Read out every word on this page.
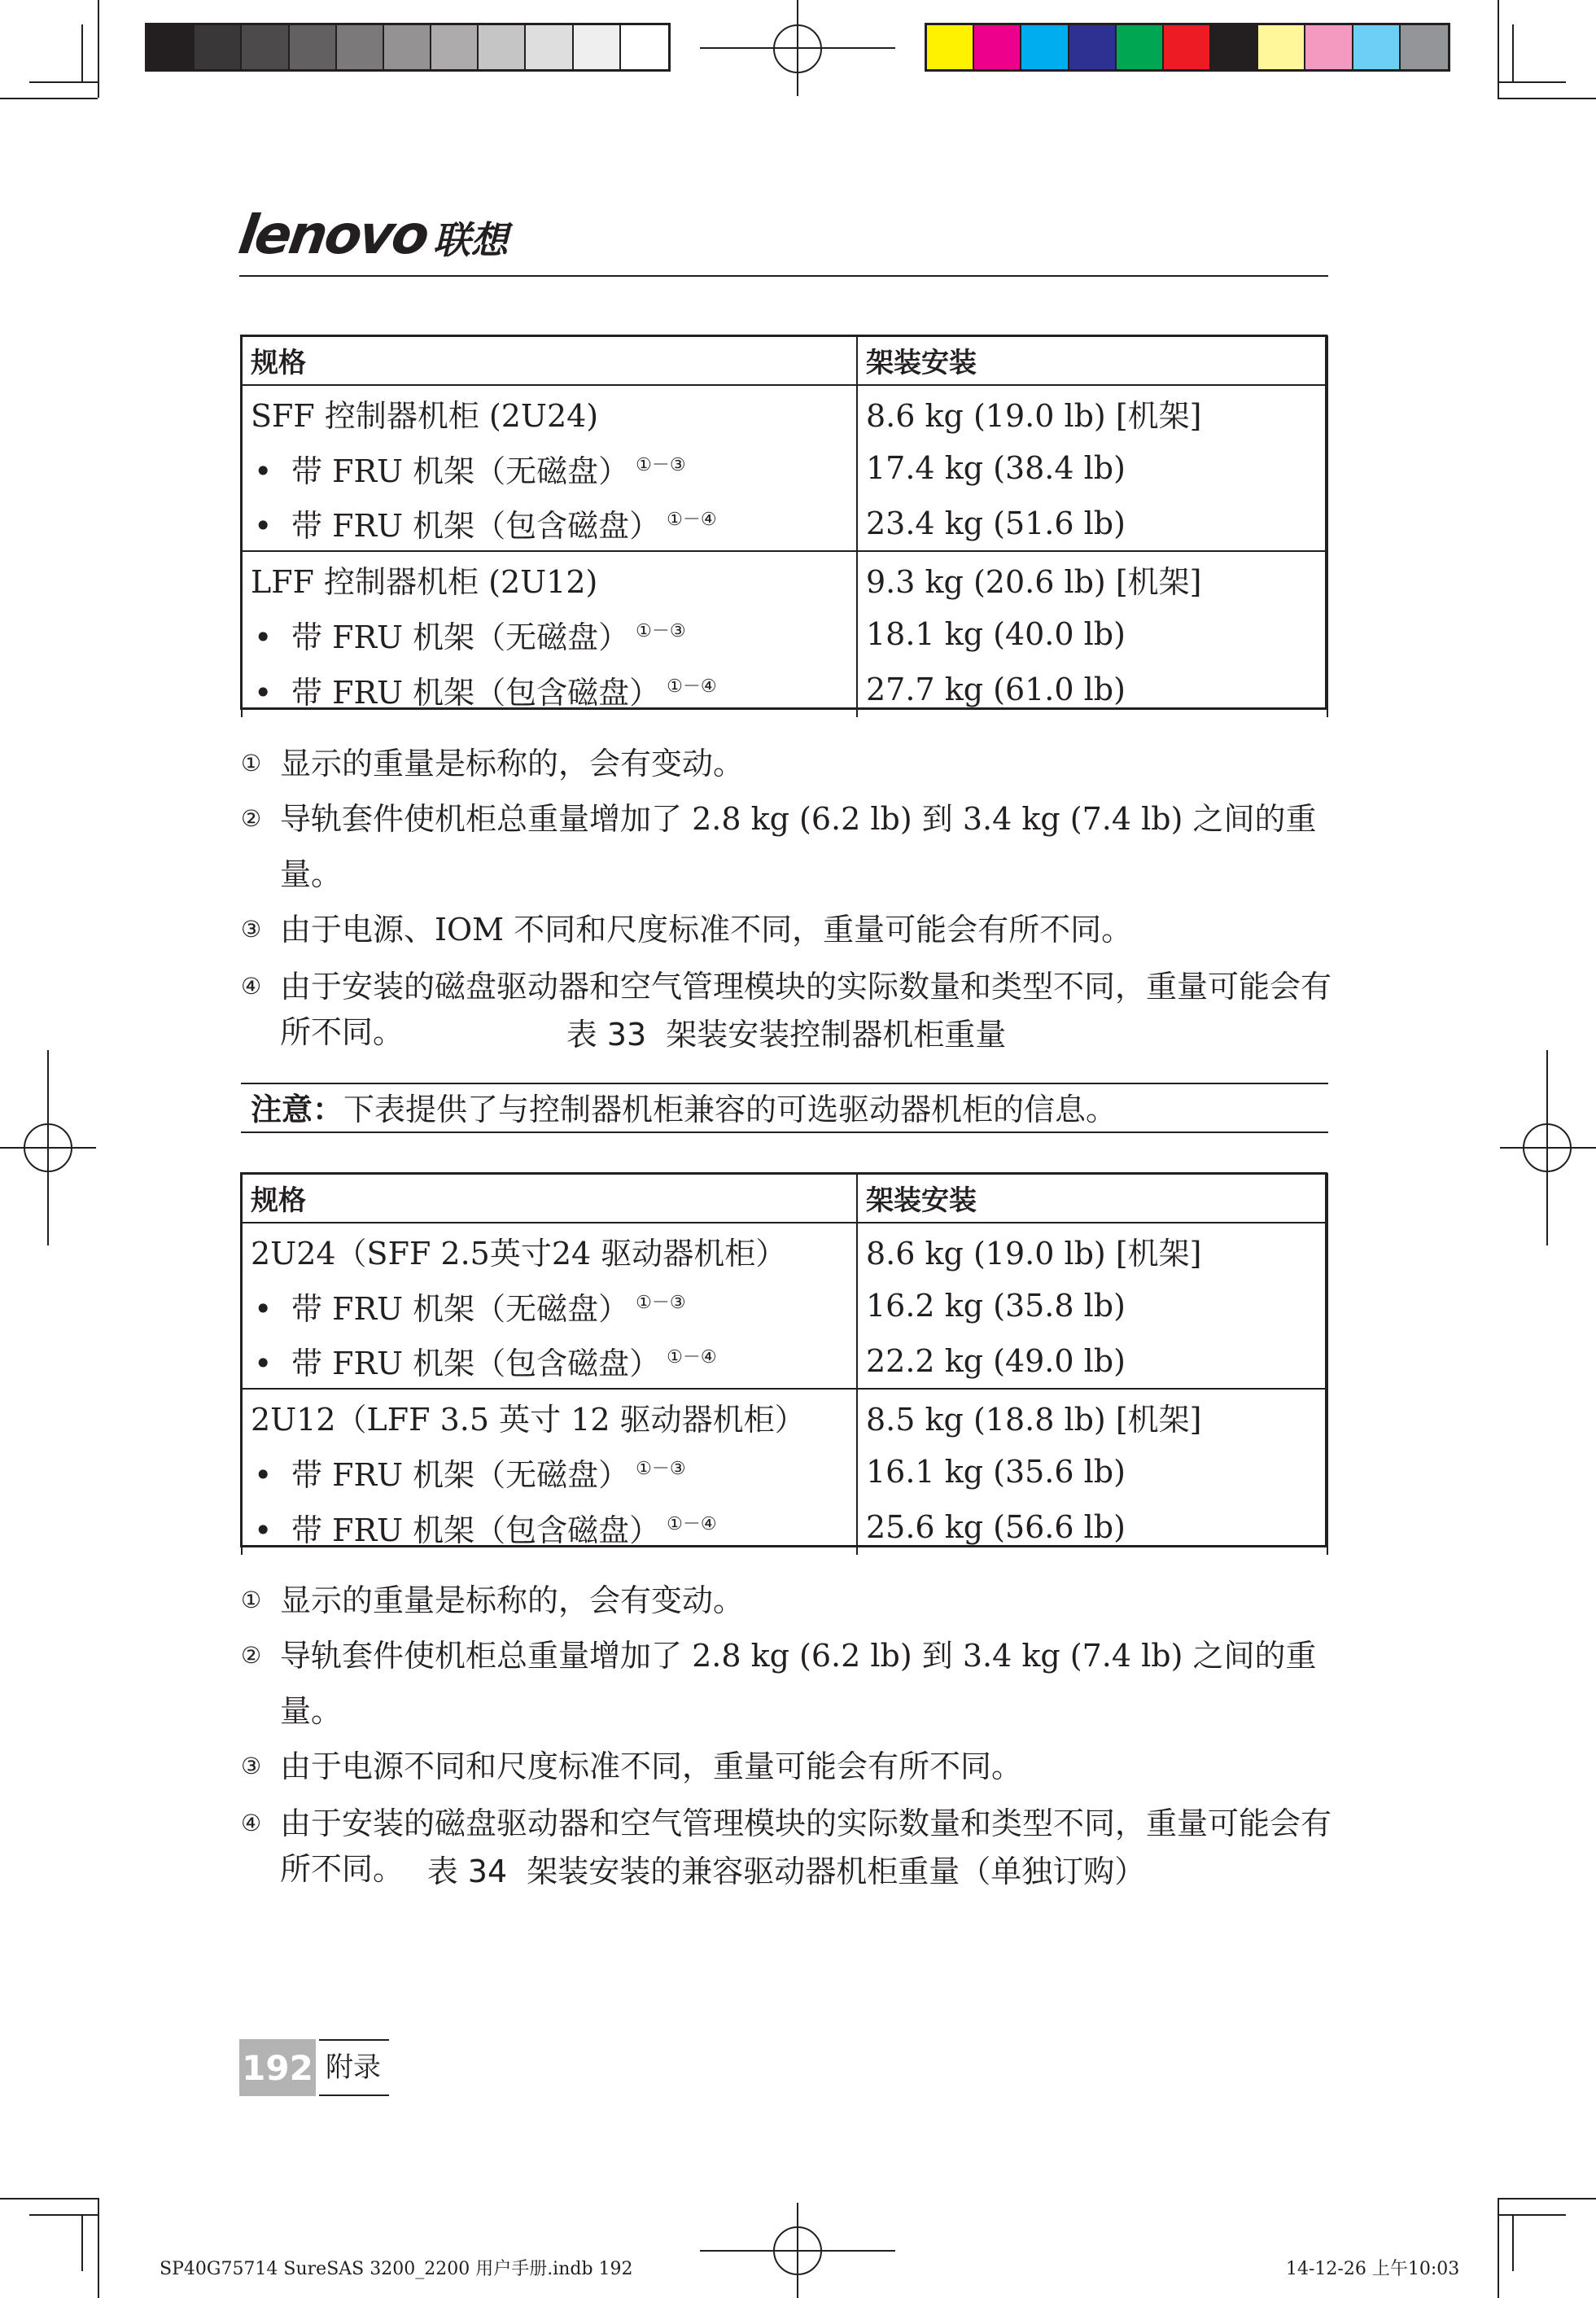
lenovo 联想
规格	架装安装
SFF 控制器机柜 (2U24)	8.6 kg (19.0 lb) [机架]
• 带 FRU 机架（无磁盘） ①－③	17.4 kg (38.4 lb)
• 带 FRU 机架（包含磁盘） ①－④	23.4 kg (51.6 lb)
LFF 控制器机柜 (2U12)	9.3 kg (20.6 lb) [机架]
• 带 FRU 机架（无磁盘） ①－③	18.1 kg (40.0 lb)
• 带 FRU 机架（包含磁盘） ①－④	27.7 kg (61.0 lb)
① 显示的重量是标称的，会有变动。
② 导轨套件使机柜总重量增加了 2.8 kg (6.2 lb) 到 3.4 kg (7.4 lb) 之间的重量。
③ 由于电源、IOM 不同和尺度标准不同，重量可能会有所不同。
④ 由于安装的磁盘驱动器和空气管理模块的实际数量和类型不同，重量可能会有所不同。	表 33 架装安装控制器机柜重量
注意：下表提供了与控制器机柜兼容的可选驱动器机柜的信息。
规格	架装安装
2U24（SFF 2.5英寸24 驱动器机柜）	8.6 kg (19.0 lb) [机架]
• 带 FRU 机架（无磁盘） ①－③	16.2 kg (35.8 lb)
• 带 FRU 机架（包含磁盘） ①－④	22.2 kg (49.0 lb)
2U12（LFF 3.5 英寸 12 驱动器机柜）	8.5 kg (18.8 lb) [机架]
• 带 FRU 机架（无磁盘） ①－③	16.1 kg (35.6 lb)
• 带 FRU 机架（包含磁盘） ①－④	25.6 kg (56.6 lb)
① 显示的重量是标称的，会有变动。
② 导轨套件使机柜总重量增加了 2.8 kg (6.2 lb) 到 3.4 kg (7.4 lb) 之间的重量。
③ 由于电源不同和尺度标准不同，重量可能会有所不同。
④ 由于安装的磁盘驱动器和空气管理模块的实际数量和类型不同，重量可能会有所不同。 表 34 架装安装的兼容驱动器机柜重量（单独订购）
192 附录
SP40G75714 SureSAS 3200_2200 用户手册.indb 192	14-12-26 上午10:03
